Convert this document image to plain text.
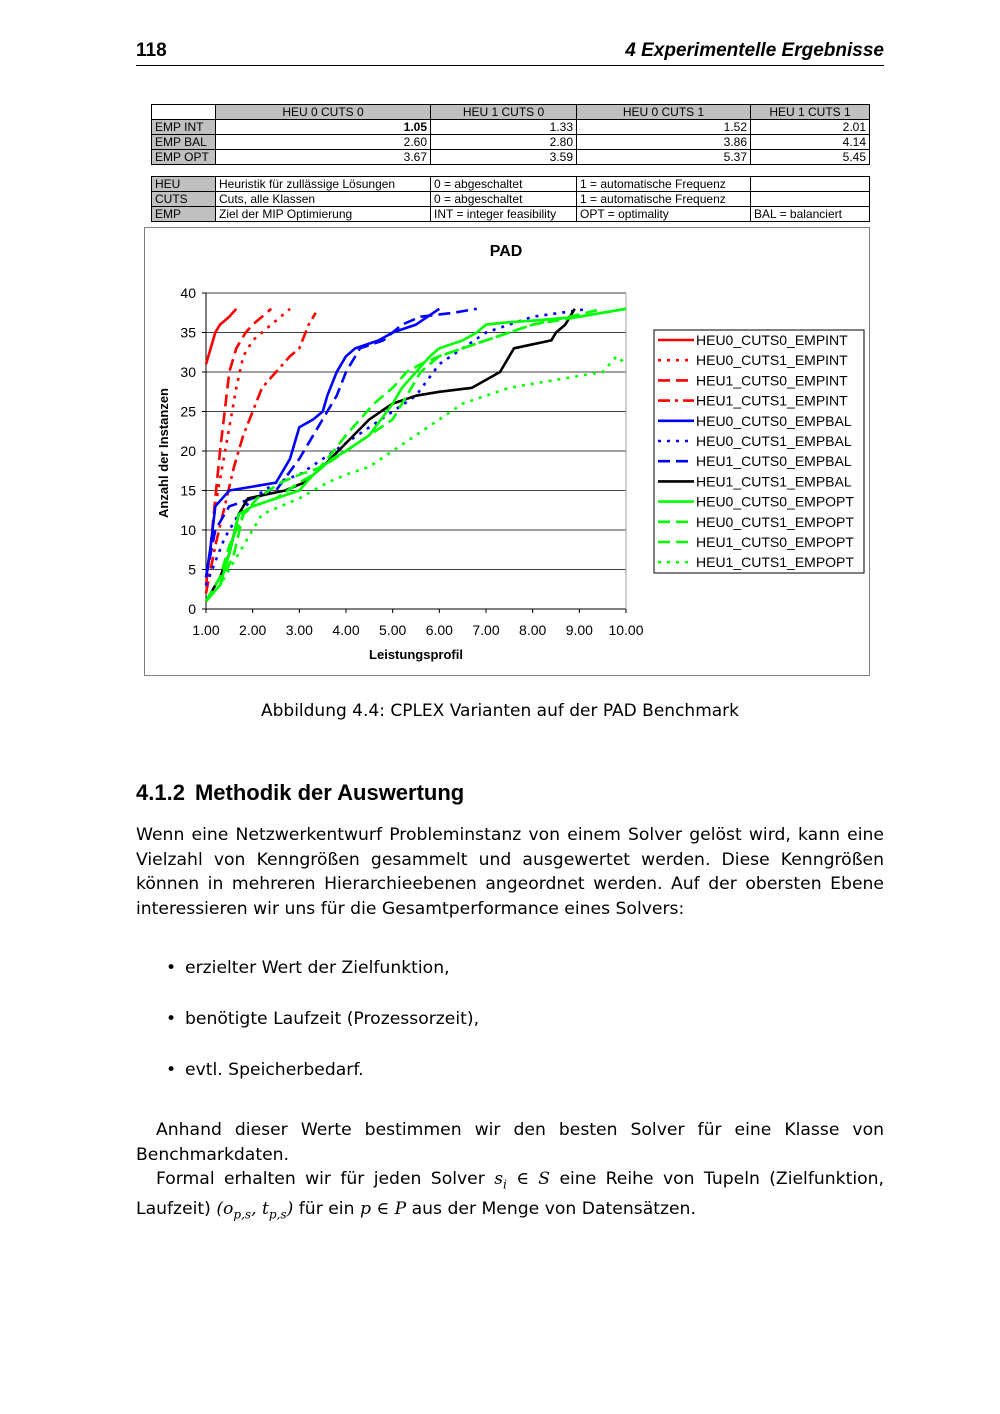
118	4 Experimentelle Ergebnisse
	HEU 0 CUTS 0	HEU 1 CUTS 0	HEU 0 CUTS 1	HEU 1 CUTS 1
EMP INT	1.05	1.33	1.52	2.01
EMP BAL	2.60	2.80	3.86	4.14
EMP OPT	3.67	3.59	5.37	5.45
HEU	Heuristik für zullässige Lösungen	0 = abgeschaltet	1 = automatische Frequenz	
CUTS	Cuts, alle Klassen	0 = abgeschaltet	1 = automatische Frequenz	
EMP	Ziel der MIP Optimierung	INT = integer feasibility	OPT = optimality	BAL = balanciert
PAD
0
5
10
15
20
25
30
35
40
1.00 2.00 3.00 4.00 5.00 6.00 7.00 8.00 9.00 10.00
Leistungsprofil
Anzahl der Instanzen
HEU0_CUTS0_EMPINT
HEU0_CUTS1_EMPINT
HEU1_CUTS0_EMPINT
HEU1_CUTS1_EMPINT
HEU0_CUTS0_EMPBAL
HEU0_CUTS1_EMPBAL
HEU1_CUTS0_EMPBAL
HEU1_CUTS1_EMPBAL
HEU0_CUTS0_EMPOPT
HEU0_CUTS1_EMPOPT
HEU1_CUTS0_EMPOPT
HEU1_CUTS1_EMPOPT
Abbildung 4.4: CPLEX Varianten auf der PAD Benchmark
4.1.2 Methodik der Auswertung

Wenn eine Netzwerkentwurf Probleminstanz von einem Solver gelöst wird, kann eine Vielzahl von Kenngrößen gesammelt und ausgewertet werden. Diese Kenngrößen können in mehreren Hierarchieebenen angeordnet werden. Auf der obersten Ebene interessieren wir uns für die Gesamtperformance eines Solvers:

• erzielter Wert der Zielfunktion,
• benötigte Laufzeit (Prozessorzeit),
• evtl. Speicherbedarf.

Anhand dieser Werte bestimmen wir den besten Solver für eine Klasse von Benchmarkdaten.

Formal erhalten wir für jeden Solver $s_i$ ∈ S eine Reihe von Tupeln (Zielfunktion, Laufzeit) ($o_{p,s}$, $t_{p,s}$) für ein p ∈ P aus der Menge von Datensätzen.
